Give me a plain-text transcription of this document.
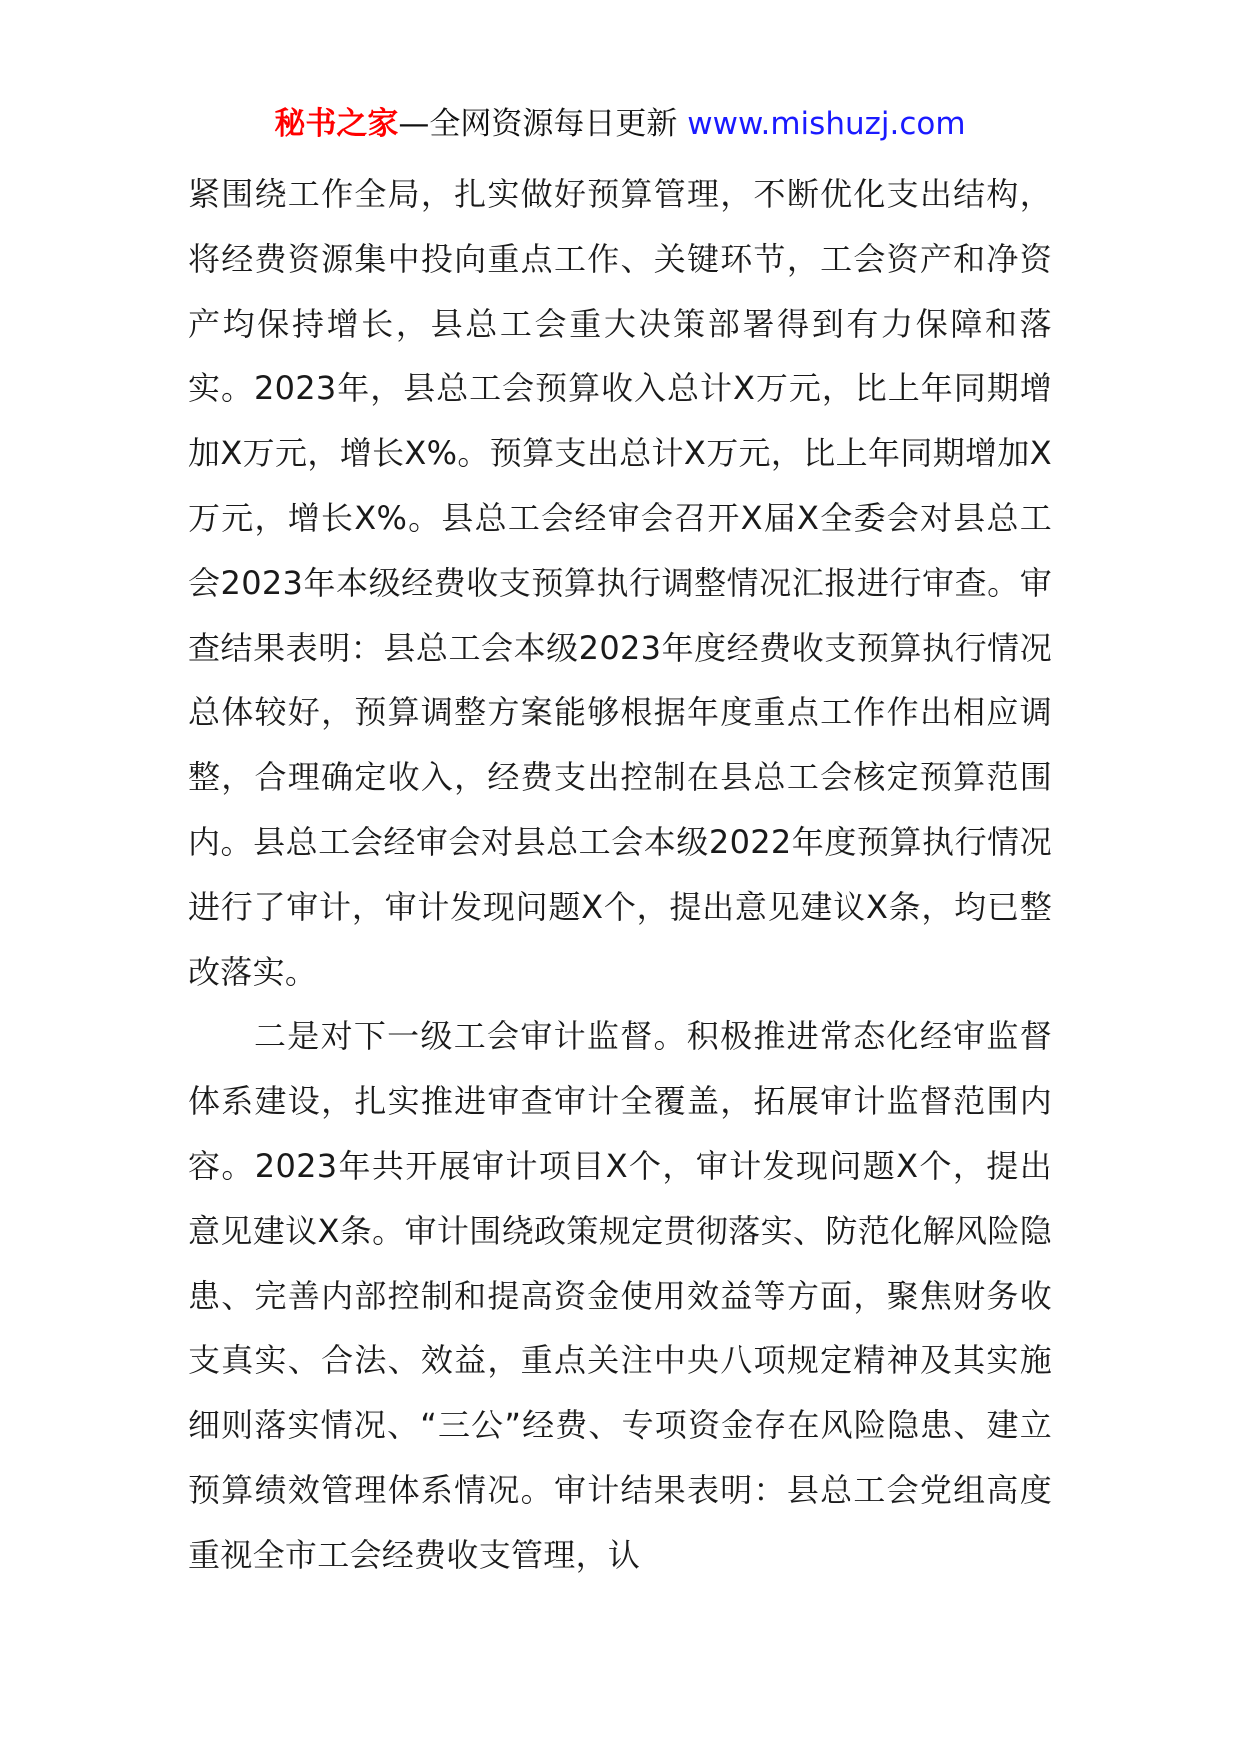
秘书之家—全网资源每日更新 www.mishuzj.com

紧围绕工作全局，扎实做好预算管理，不断优化支出结构，将经费资源集中投向重点工作、关键环节，工会资产和净资产均保持增长，县总工会重大决策部署得到有力保障和落实。2023年，县总工会预算收入总计X万元，比上年同期增加X万元，增长X%。预算支出总计X万元，比上年同期增加X万元，增长X%。县总工会经审会召开X届X全委会对县总工会2023年本级经费收支预算执行调整情况汇报进行审查。审查结果表明：县总工会本级2023年度经费收支预算执行情况总体较好，预算调整方案能够根据年度重点工作作出相应调整，合理确定收入，经费支出控制在县总工会核定预算范围内。县总工会经审会对县总工会本级2022年度预算执行情况进行了审计，审计发现问题X个，提出意见建议X条，均已整改落实。

二是对下一级工会审计监督。积极推进常态化经审监督体系建设，扎实推进审查审计全覆盖，拓展审计监督范围内容。2023年共开展审计项目X个，审计发现问题X个，提出意见建议X条。审计围绕政策规定贯彻落实、防范化解风险隐患、完善内部控制和提高资金使用效益等方面，聚焦财务收支真实、合法、效益，重点关注中央八项规定精神及其实施细则落实情况、“三公”经费、专项资金存在风险隐患、建立预算绩效管理体系情况。审计结果表明：县总工会党组高度重视全市工会经费收支管理，认
